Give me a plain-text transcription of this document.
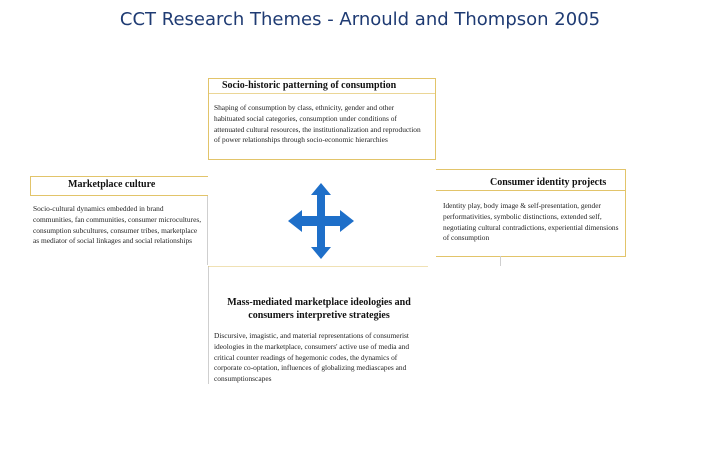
CCT Research Themes - Arnould and Thompson 2005
Socio-historic patterning of consumption
Shaping of consumption by class, ethnicity, gender and other habituated social categories, consumption under conditions of attenuated cultural resources, the institutionalization and reproduction of power relationships through socio-economic hierarchies
Marketplace culture
Socio-cultural dynamics embedded in brand communities, fan communities, consumer microcultures, consumption subcultures, consumer tribes, marketplace as mediator of social linkages and social relationships
Consumer identity projects
Identity play, body image & self-presentation, gender performativities, symbolic distinctions, extended self, negotiating cultural contradictions, experiential dimensions of consumption
Mass-mediated marketplace ideologies and consumers interpretive strategies
Discursive, imagistic, and material representations of consumerist ideologies in the marketplace, consumers' active use of media and critical counter readings of hegemonic codes, the dynamics of corporate co-optation, influences of globalizing mediascapes and consumptionscapes
